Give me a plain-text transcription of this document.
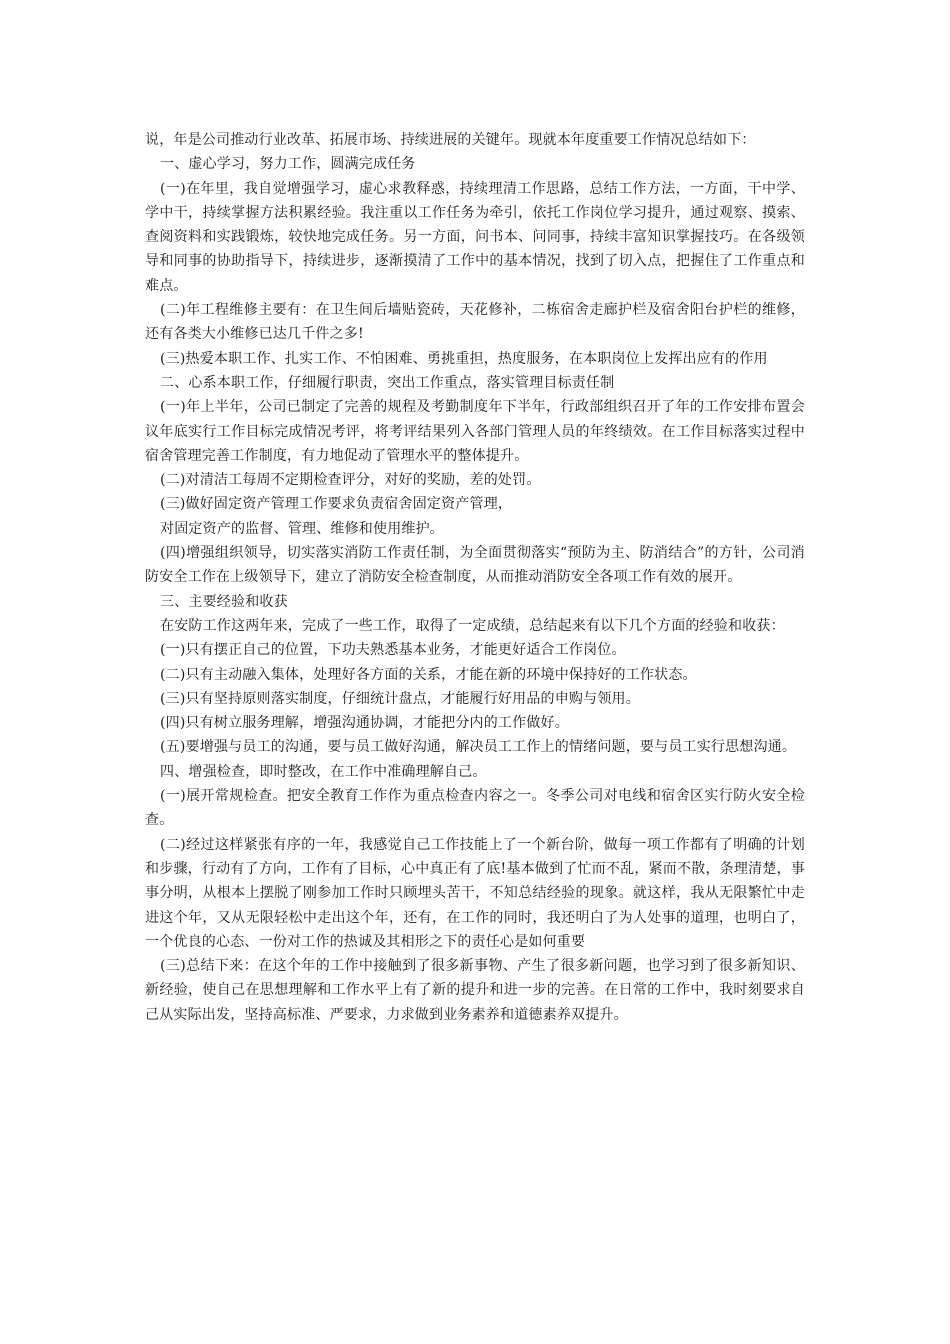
说，年是公司推动行业改革、拓展市场、持续进展的关键年。现就本年度重要工作情况总结如下：

一、虚心学习，努力工作，圆满完成任务

(一)在年里，我自觉增强学习，虚心求教释惑，持续理清工作思路，总结工作方法，一方面，干中学、学中干，持续掌握方法积累经验。我注重以工作任务为牵引，依托工作岗位学习提升，通过观察、摸索、查阅资料和实践锻炼，较快地完成任务。另一方面，问书本、问同事，持续丰富知识掌握技巧。在各级领导和同事的协助指导下，持续进步，逐渐摸清了工作中的基本情况，找到了切入点，把握住了工作重点和难点。

(二)年工程维修主要有：在卫生间后墙贴瓷砖，天花修补，二栋宿舍走廊护栏及宿舍阳台护栏的维修，还有各类大小维修已达几千件之多!

(三)热爱本职工作、扎实工作、不怕困难、勇挑重担，热度服务，在本职岗位上发挥出应有的作用

二、心系本职工作，仔细履行职责，突出工作重点，落实管理目标责任制

(一)年上半年，公司已制定了完善的规程及考勤制度年下半年，行政部组织召开了年的工作安排布置会议年底实行工作目标完成情况考评，将考评结果列入各部门管理人员的年终绩效。在工作目标落实过程中宿舍管理完善工作制度，有力地促动了管理水平的整体提升。

(二)对清洁工每周不定期检查评分，对好的奖励，差的处罚。

(三)做好固定资产管理工作要求负责宿舍固定资产管理，

对固定资产的监督、管理、维修和使用维护。

(四)增强组织领导，切实落实消防工作责任制，为全面贯彻落实“预防为主、防消结合”的方针，公司消防安全工作在上级领导下，建立了消防安全检查制度，从而推动消防安全各项工作有效的展开。

三、主要经验和收获

在安防工作这两年来，完成了一些工作，取得了一定成绩，总结起来有以下几个方面的经验和收获：

(一)只有摆正自己的位置，下功夫熟悉基本业务，才能更好适合工作岗位。

(二)只有主动融入集体，处理好各方面的关系，才能在新的环境中保持好的工作状态。

(三)只有坚持原则落实制度，仔细统计盘点，才能履行好用品的申购与领用。

(四)只有树立服务理解，增强沟通协调，才能把分内的工作做好。

(五)要增强与员工的沟通，要与员工做好沟通，解决员工工作上的情绪问题，要与员工实行思想沟通。

四、增强检查，即时整改，在工作中准确理解自己。

(一)展开常规检查。把安全教育工作作为重点检查内容之一。冬季公司对电线和宿舍区实行防火安全检查。

(二)经过这样紧张有序的一年，我感觉自己工作技能上了一个新台阶，做每一项工作都有了明确的计划和步骤，行动有了方向，工作有了目标，心中真正有了底!基本做到了忙而不乱，紧而不散，条理清楚，事事分明，从根本上摆脱了刚参加工作时只顾埋头苦干，不知总结经验的现象。就这样，我从无限繁忙中走进这个年，又从无限轻松中走出这个年，还有，在工作的同时，我还明白了为人处事的道理，也明白了，一个优良的心态、一份对工作的热诚及其相形之下的责任心是如何重要

(三)总结下来：在这个年的工作中接触到了很多新事物、产生了很多新问题，也学习到了很多新知识、新经验，使自己在思想理解和工作水平上有了新的提升和进一步的完善。在日常的工作中，我时刻要求自己从实际出发，坚持高标准、严要求，力求做到业务素养和道德素养双提升。
